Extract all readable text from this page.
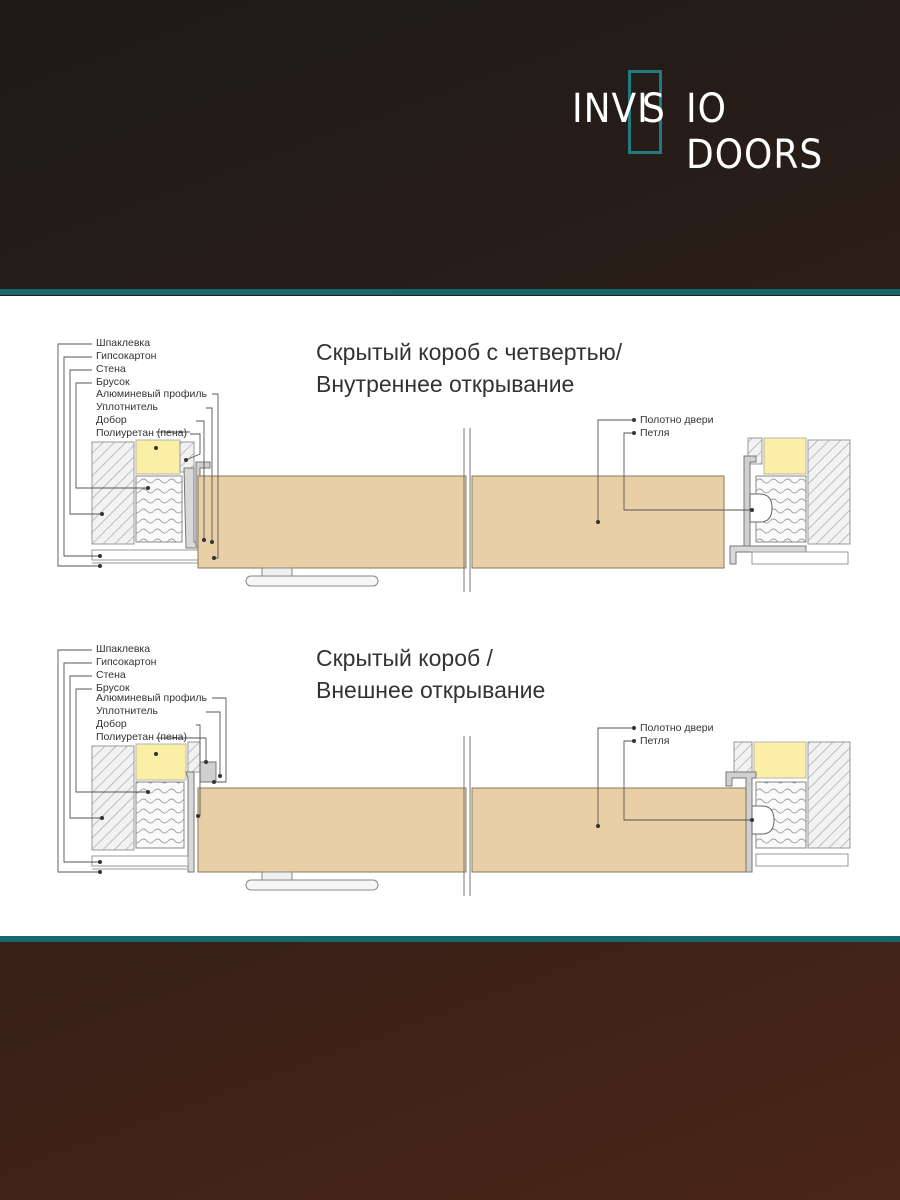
INVI
S IO DOORS
Скрытый короб с четвертью/
Внутреннее открывание
Шпаклевка
Гипсокартон
Стена
Брусок
Алюминевый профиль
Уплотнитель
Добор
Полиуретан (пена)
Полотно двери
Петля
Скрытый короб /
Внешнее открывание
Шпаклевка
Гипсокартон
Стена
Брусок
Алюминевый профиль
Уплотнитель
Добор
Полиуретан (пена)
Полотно двери
Петля
